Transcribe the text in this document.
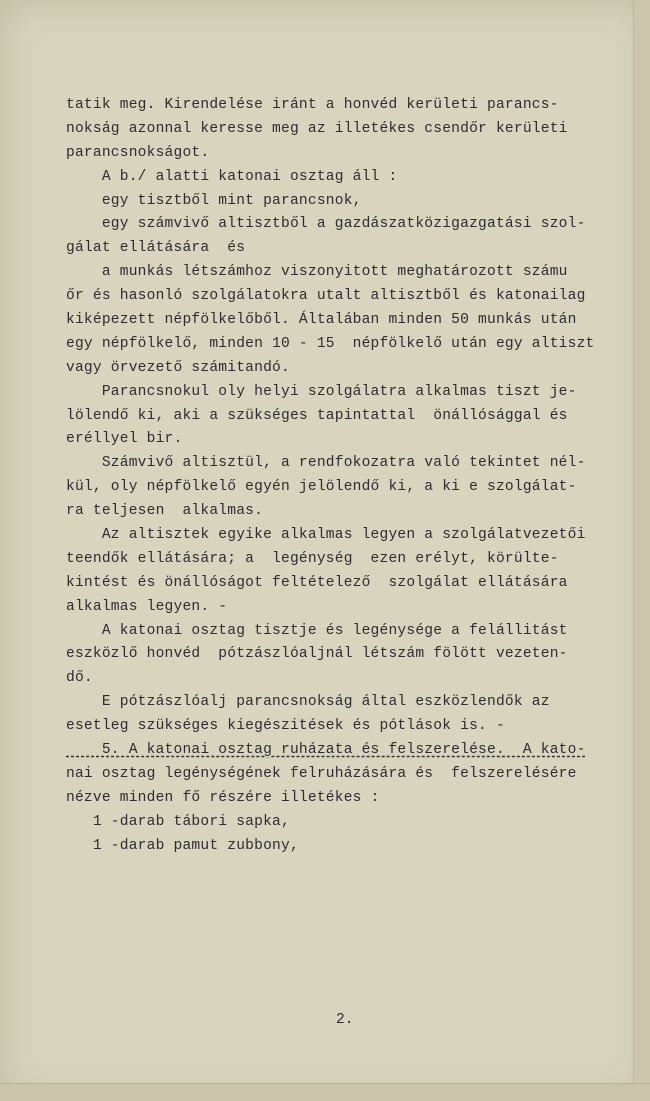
tatik meg. Kirendelése iránt a honvéd kerületi parancs-
nokság azonnal keresse meg az illetékes csendőr kerületi
parancsnokságot.
A b./ alatti katonai osztag áll :
egy tisztből mint parancsnok,
egy számvivő altisztből a gazdászatközigazgatási szol-
gálat ellátására  és
a munkás létszámhoz viszonyitott meghatározott számu
őr és hasonló szolgálatokra utalt altisztből és katonailag
kiképezett népfölkelőből. Általában minden 50 munkás után
egy népfölkelő, minden 10 - 15  népfölkelő után egy altiszt
vagy örvezető számitandó.
Parancsnokul oly helyi szolgálatra alkalmas tiszt je-
lölendő ki, aki a szükséges tapintattal  önállósággal és
eréllyel bir.
Számvivő altisztül, a rendfokozatra való tekintet nél-
kül, oly népfölkelő egyén jelölendő ki, a ki e szolgálat-
ra teljesen  alkalmas.
Az altisztek egyike alkalmas legyen a szolgálatvezetői
teendők ellátására; a  legénység  ezen erélyt, körülte-
kintést és önállóságot feltételező  szolgálat ellátására
alkalmas legyen. -
A katonai osztag tisztje és legénysége a felállitást
eszközlő honvéd  pótzászlóaljnál létszám fölött vezeten-
dő.
E pótzászlóalj parancsnokság által eszközlendők az
esetleg szükséges kiegészitések és pótlások is. -
5. A katonai osztag ruházata és felszerelése.  A kato-
nai osztag legénységének felruházására és  felszerelésére
nézve minden fő részére illetékes :
1 -darab tábori sapka,
1 -darab pamut zubbony,
2.
